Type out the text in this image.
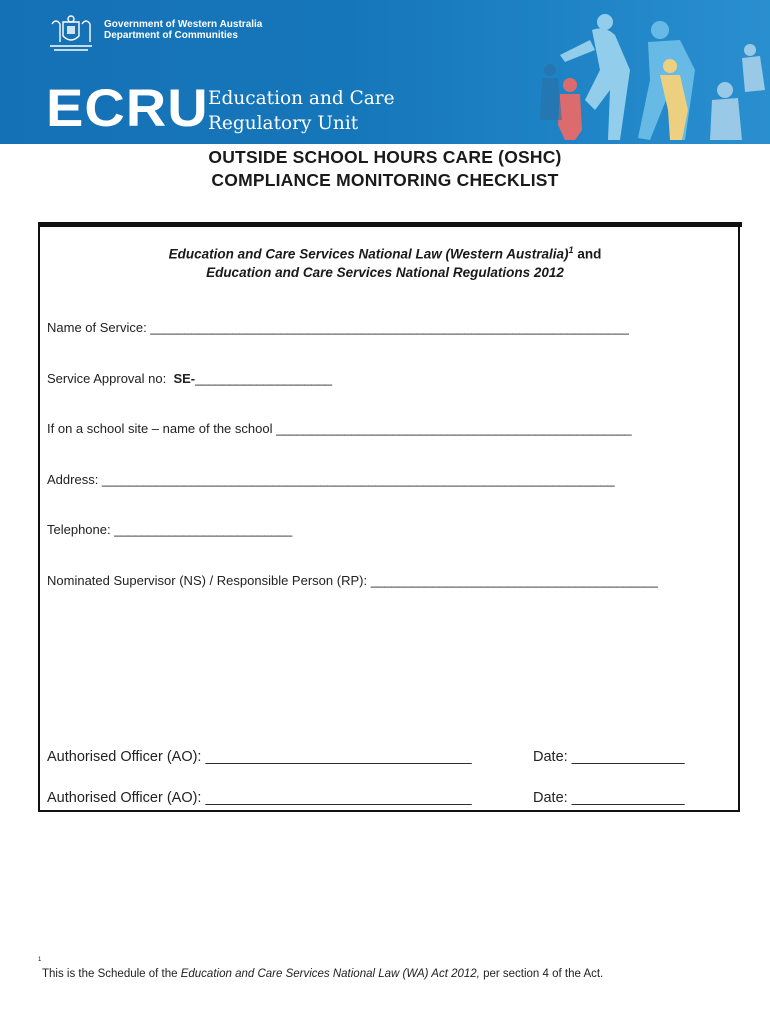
Government of Western Australia
Department of Communities
ECRU Education and Care
Regulatory Unit
OUTSIDE SCHOOL HOURS CARE (OSHC)
COMPLIANCE MONITORING CHECKLIST
Education and Care Services National Law (Western Australia)$^1$ and
Education and Care Services National Regulations 2012
Name of Service: ______________________________________________________________________
Service Approval no:  SE-____________________
If on a school site – name of the school ____________________________________________________
Address: ___________________________________________________________________________
Telephone: __________________________
Nominated Supervisor (NS) / Responsible Person (RP): __________________________________________
Authorised Officer (AO): _________________________________	Date: ______________
Authorised Officer (AO): _________________________________	Date: ______________
1
This is the Schedule of the Education and Care Services National Law (WA) Act 2012, per section 4 of the Act.
